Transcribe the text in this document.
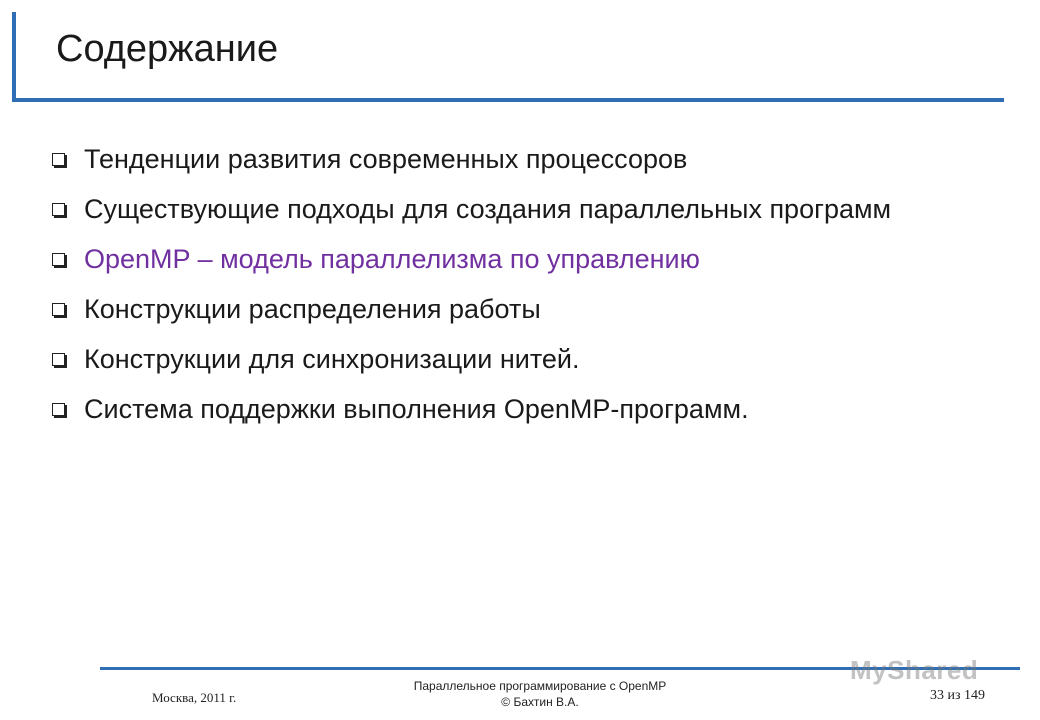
Содержание
Тенденции развития современных процессоров
Существующие подходы для создания параллельных программ
OpenMP – модель параллелизма по управлению
Конструкции распределения работы
Конструкции для синхронизации нитей.
Система поддержки выполнения OpenMP-программ.
MyShared
Москва, 2011 г.
Параллельное программирование с OpenMP
© Бахтин В.А.	33 из 149
